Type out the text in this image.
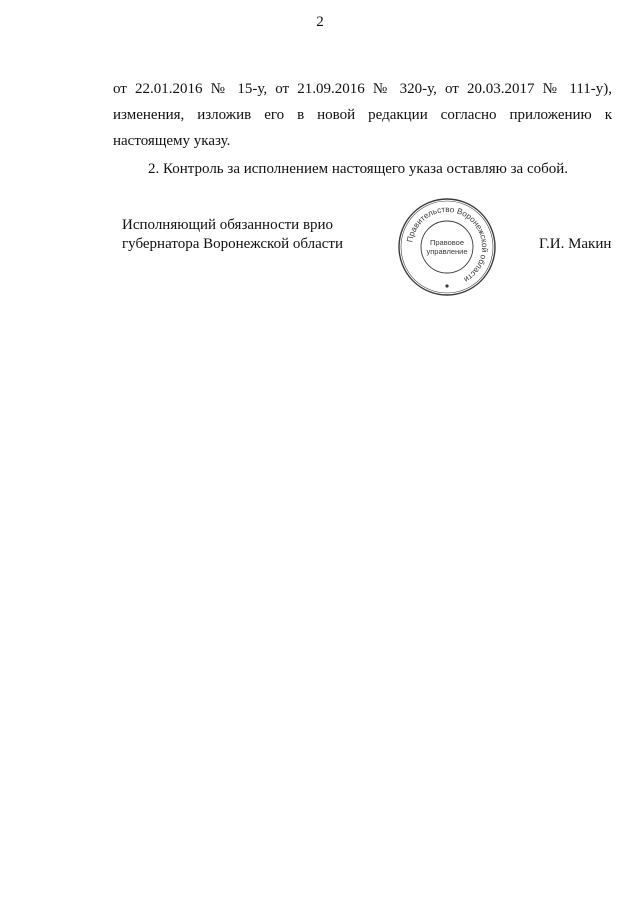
2
от 22.01.2016 № 15-у, от 21.09.2016 № 320-у, от 20.03.2017 № 111-у),
изменения, изложив его в новой редакции согласно приложению к
настоящему указу.
2. Контроль за исполнением настоящего указа оставляю за собой.
Исполняющий обязанности врио
губернатора Воронежской области	Правительство Воронежской области
Правовое
управление	Г.И. Макин
